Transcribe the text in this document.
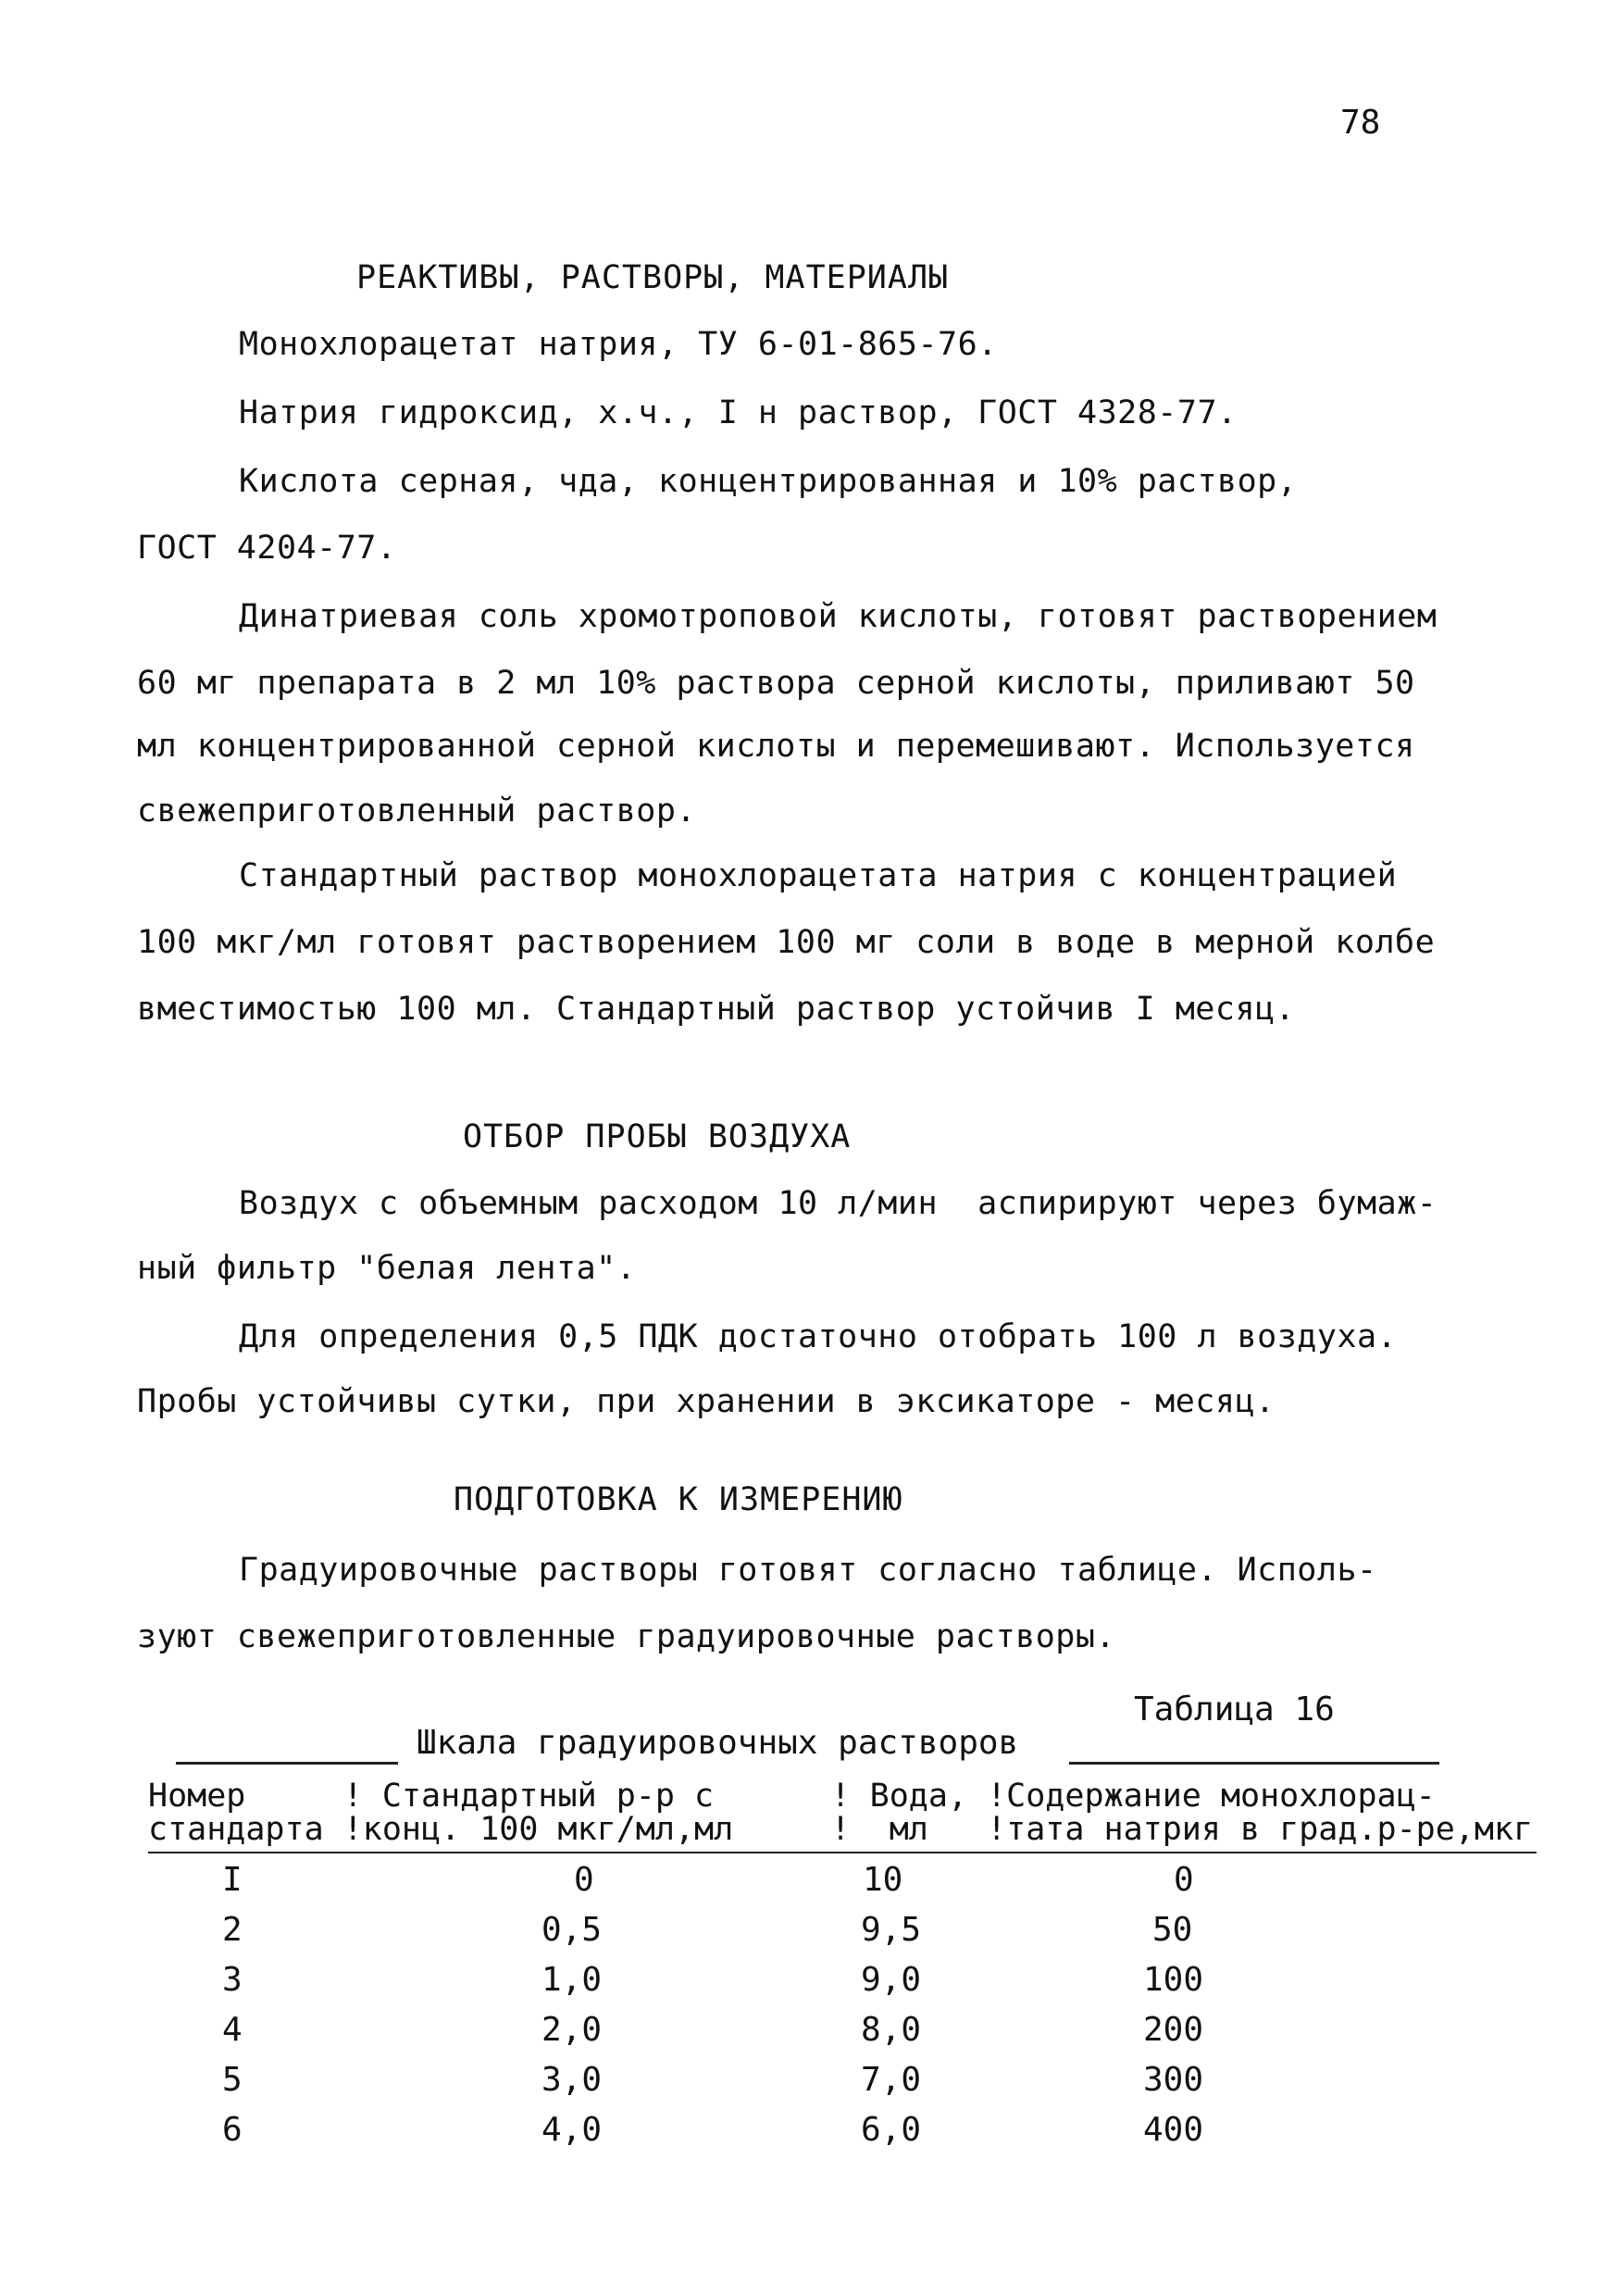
78
РЕАКТИВЫ, РАСТВОРЫ, МАТЕРИАЛЫ
Монохлорацетат натрия, ТУ 6-01-865-76.
Натрия гидроксид, х.ч., I н раствор, ГОСТ 4328-77.
Кислота серная, чда, концентрированная и 10% раствор,
ГОСТ 4204-77.
Динатриевая соль хромотроповой кислоты, готовят растворением
60 мг препарата в 2 мл 10% раствора серной кислоты, приливают 50
мл концентрированной серной кислоты и перемешивают. Используется
свежеприготовленный раствор.
Стандартный раствор монохлорацетата натрия с концентрацией
100 мкг/мл готовят растворением 100 мг соли в воде в мерной колбе
вместимостью 100 мл. Стандартный раствор устойчив I месяц.
ОТБОР ПРОБЫ ВОЗДУХА
Воздух с объемным расходом 10 л/мин  аспирируют через бумаж-
ный фильтр "белая лента".
Для определения 0,5 ПДК достаточно отобрать 100 л воздуха.
Пробы устойчивы сутки, при хранении в эксикаторе - месяц.
ПОДГОТОВКА К ИЗМЕРЕНИЮ
Градуировочные растворы готовят согласно таблице. Исполь-
зуют свежеприготовленные градуировочные растворы.
Таблица 16
Шкала градуировочных растворов
Номер     ! Стандартный р-р с      ! Вода, !Содержание монохлорац-
стандарта !конц. 100 мкг/мл,мл     !  мл   !тата натрия в град.р-ре,мкг
I	0	10	0
2	0,5	9,5	50
3	1,0	9,0	100
4	2,0	8,0	200
5	3,0	7,0	300
6	4,0	6,0	400
